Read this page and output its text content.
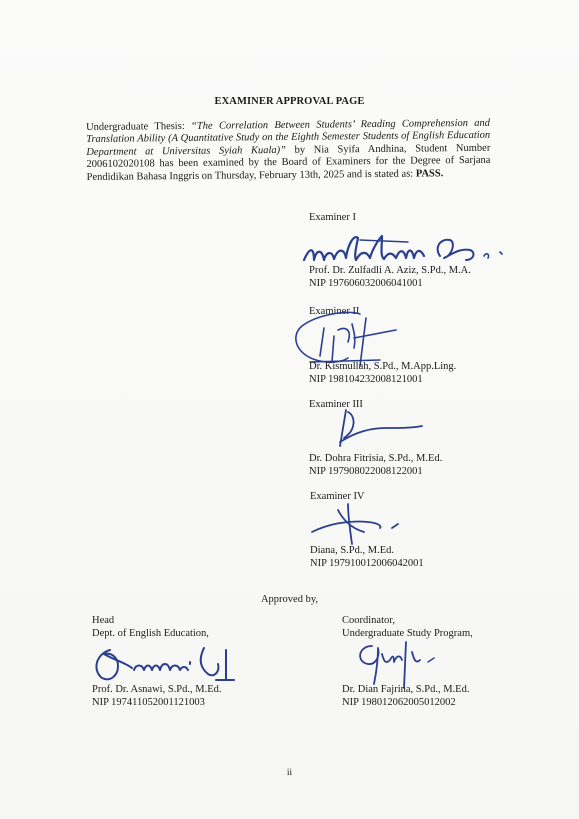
EXAMINER APPROVAL PAGE

Undergraduate Thesis: “The Correlation Between Students’ Reading Comprehension and Translation Ability (A Quantitative Study on the Eighth Semester Students of English Education Department at Universitas Syiah Kuala)” by Nia Syifa Andhina, Student Number 2006102020108 has been examined by the Board of Examiners for the Degree of Sarjana Pendidikan Bahasa Inggris on Thursday, February 13th, 2025 and is stated as: PASS.

Examiner I
Prof. Dr. Zulfadli A. Aziz, S.Pd., M.A.
NIP 197606032006041001
Examiner II
Dr. Kismullah, S.Pd., M.App.Ling.
NIP 198104232008121001
Examiner III
Dr. Dohra Fitrisia, S.Pd., M.Ed.
NIP 197908022008122001
Examiner IV
Diana, S.Pd., M.Ed.
NIP 197910012006042001
Approved by,
Head
Dept. of English Education,
Prof. Dr. Asnawi, S.Pd., M.Ed.
NIP 197411052001121003
Coordinator,
Undergraduate Study Program,
Dr. Dian Fajrina, S.Pd., M.Ed.
NIP 198012062005012002
ii
